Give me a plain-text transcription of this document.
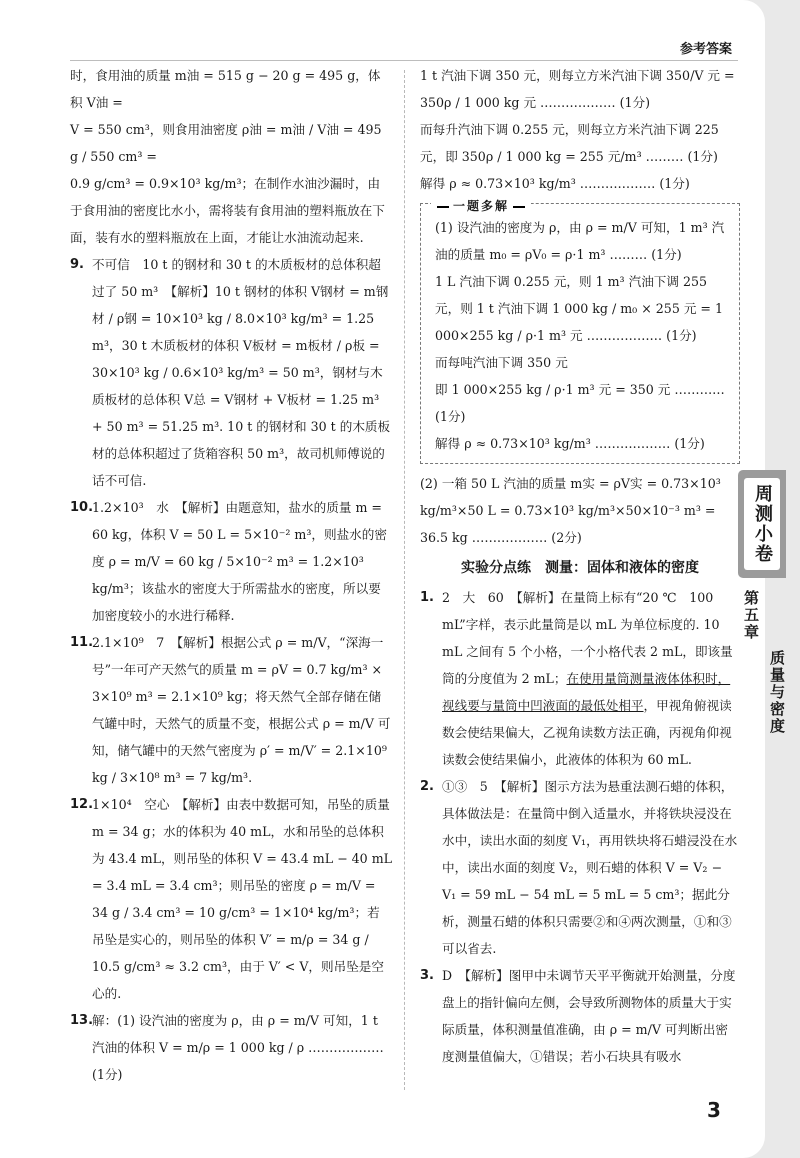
参考答案

时，食用油的质量 m油 = 515 g − 20 g = 495 g，体积 V油 =

V = 550 cm³，则食用油密度 ρ油 = m油 / V油 = 495 g / 550 cm³ =

0.9 g/cm³ = 0.9×10³ kg/m³；在制作水油沙漏时，由于食用油的密度比水小，需将装有食用油的塑料瓶放在下面，装有水的塑料瓶放在上面，才能让水油流动起来.

9. 不可信　10 t 的钢材和 30 t 的木质板材的总体积超过了 50 m³　【解析】10 t 钢材的体积 V钢材 = m钢材 / ρ钢 = 10×10³ kg / 8.0×10³ kg/m³ = 1.25 m³，30 t 木质板材的体积 V板材 = m板材 / ρ板 = 30×10³ kg / 0.6×10³ kg/m³ = 50 m³，钢材与木质板材的总体积 V总 = V钢材 + V板材 = 1.25 m³ + 50 m³ = 51.25 m³. 10 t 的钢材和 30 t 的木质板材的总体积超过了货箱容积 50 m³，故司机师傅说的话不可信.
10.
1.2×10³　水　【解析】由题意知，盐水的质量 m = 60 kg，体积 V = 50 L = 5×10⁻² m³，则盐水的密度 ρ = m/V = 60 kg / 5×10⁻² m³ = 1.2×10³ kg/m³；该盐水的密度大于所需盐水的密度，所以要加密度较小的水进行稀释.
11.
2.1×10⁹　7　【解析】根据公式 ρ = m/V，“深海一号”一年可产天然气的质量 m = ρV = 0.7 kg/m³ × 3×10⁹ m³ = 2.1×10⁹ kg；将天然气全部存储在储气罐中时，天然气的质量不变，根据公式 ρ = m/V 可知，储气罐中的天然气密度为 ρ′ = m/V′ = 2.1×10⁹ kg / 3×10⁸ m³ = 7 kg/m³.
12.
1×10⁴　空心　【解析】由表中数据可知，吊坠的质量 m = 34 g；水的体积为 40 mL，水和吊坠的总体积为 43.4 mL，则吊坠的体积 V = 43.4 mL − 40 mL = 3.4 mL = 3.4 cm³；则吊坠的密度 ρ = m/V = 34 g / 3.4 cm³ = 10 g/cm³ = 1×10⁴ kg/m³；若吊坠是实心的，则吊坠的体积 V′ = m/ρ = 34 g / 10.5 g/cm³ ≈ 3.2 cm³，由于 V′ < V，则吊坠是空心的.
13.
解：(1) 设汽油的密度为 ρ，由 ρ = m/V 可知，1 t 汽油的体积 V = m/ρ = 1 000 kg / ρ ……………… (1分)

1 t 汽油下调 350 元，则每立方米汽油下调 350/V 元 = 350ρ / 1 000 kg 元 ……………… (1分)

而每升汽油下调 0.255 元，则每立方米汽油下调 225 元，即 350ρ / 1 000 kg = 255 元/m³ ……… (1分)

解得 ρ ≈ 0.73×10³ kg/m³ ……………… (1分)

一题多解

(1) 设汽油的密度为 ρ，由 ρ = m/V 可知，1 m³ 汽油的质量 m₀ = ρV₀ = ρ·1 m³ ……… (1分)

1 L 汽油下调 0.255 元，则 1 m³ 汽油下调 255 元，则 1 t 汽油下调 1 000 kg / m₀ × 255 元 = 1 000×255 kg / ρ·1 m³ 元 ……………… (1分)

而每吨汽油下调 350 元

即 1 000×255 kg / ρ·1 m³ 元 = 350 元 ………… (1分)

解得 ρ ≈ 0.73×10³ kg/m³ ……………… (1分)

(2) 一箱 50 L 汽油的质量 m实 = ρV实 = 0.73×10³ kg/m³×50 L = 0.73×10³ kg/m³×50×10⁻³ m³ = 36.5 kg ……………… (2分)

实验分点练　测量：固体和液体的密度

1. 2　大　60　【解析】在量筒上标有“20 ℃　100 mL”字样，表示此量筒是以 mL 为单位标度的. 10 mL 之间有 5 个小格，一个小格代表 2 mL，即该量筒的分度值为 2 mL；在使用量筒测量液体体积时，视线要与量筒中凹液面的最低处相平，甲视角俯视读数会使结果偏大，乙视角读数方法正确，丙视角仰视读数会使结果偏小，此液体的体积为 60 mL.
2. ①③　5　【解析】图示方法为悬重法测石蜡的体积，具体做法是：在量筒中倒入适量水，并将铁块浸没在水中，读出水面的刻度 V₁，再用铁块将石蜡浸没在水中，读出水面的刻度 V₂，则石蜡的体积 V = V₂ − V₁ = 59 mL − 54 mL = 5 mL = 5 cm³；据此分析，测量石蜡的体积只需要②和④两次测量，①和③可以省去.
3. D　【解析】图甲中未调节天平平衡就开始测量，分度盘上的指针偏向左侧，会导致所测物体的质量大于实际质量，体积测量值准确，由 ρ = m/V 可判断出密度测量值偏大，①错误；若小石块具有吸水
周测小卷
第五章
质量与密度
3
